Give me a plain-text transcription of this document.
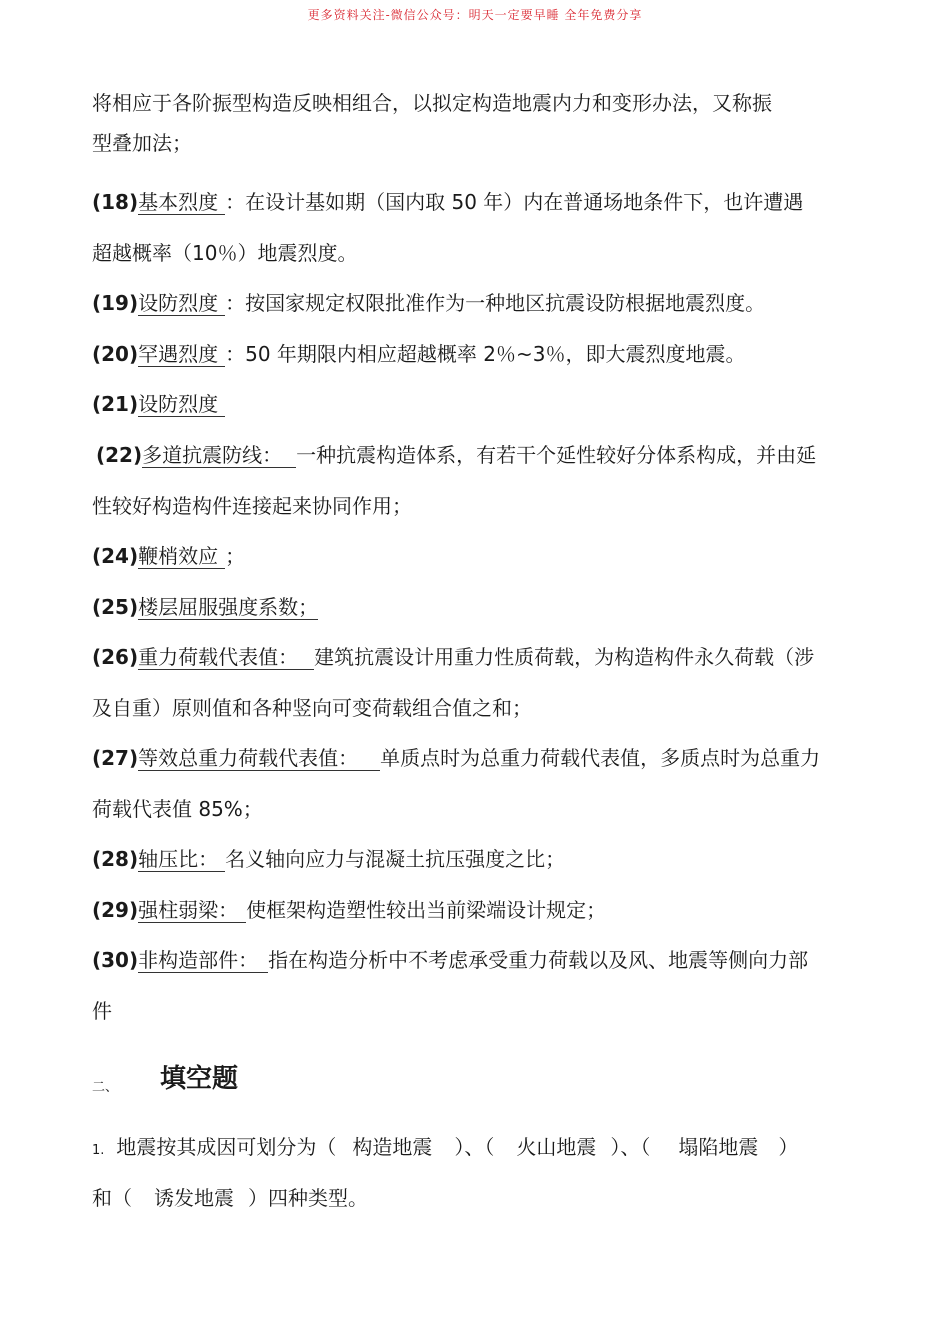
更多资料关注-微信公众号：明天一定要早睡 全年免费分享
将相应于各阶振型构造反映相组合，以拟定构造地震内力和变形办法，又称振
型叠加法；
(18)基本烈度 ：在设计基如期（国内取 50 年）内在普通场地条件下，也许遭遇
超越概率（10％）地震烈度。
(19)设防烈度 ：按国家规定权限批准作为一种地区抗震设防根据地震烈度。
(20)罕遇烈度 ：50 年期限内相应超越概率 2％~3％，即大震烈度地震。
(21)设防烈度
(22)多道抗震防线： 一种抗震构造体系，有若干个延性较好分体系构成，并由延
性较好构造构件连接起来协同作用；
(24)鞭梢效应 ；
(25)楼层屈服强度系数；
(26)重力荷载代表值： 建筑抗震设计用重力性质荷载，为构造构件永久荷载（涉
及自重）原则值和各种竖向可变荷载组合值之和；
(27)等效总重力荷载代表值： 单质点时为总重力荷载代表值，多质点时为总重力
荷载代表值 85%；
(28)轴压比： 名义轴向应力与混凝土抗压强度之比；
(29)强柱弱梁： 使框架构造塑性较出当前梁端设计规定；
(30)非构造部件： 指在构造分析中不考虑承受重力荷载以及风、地震等侧向力部
件
二、 填空题
1. 地震按其成因可划分为（ 构造地震 ）、（ 火山地震 ）、（ 塌陷地震 ）
和（ 诱发地震 ）四种类型。
